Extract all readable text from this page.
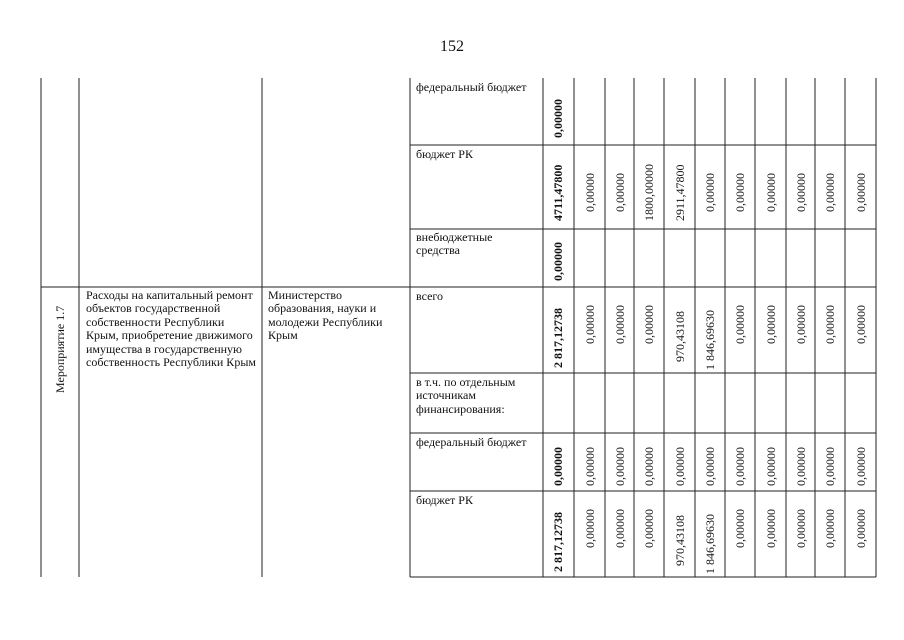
152
Мероприятие 1.7
Расходы на капитальный ремонт объектов государственной собственности Республики Крым, приобретение движимого имущества в государственную собственность Республики Крым
Министерство образования, науки и молодежи Республики Крым
федеральный бюджет
0,00000
бюджет РК
4711,47800 0,00000 0,00000 1800,00000 2911,47800 0,00000 0,00000 0,00000 0,00000 0,00000 0,00000
внебюджетные средства	0,00000
всего
2 817,12738 0,00000 0,00000 0,00000 970,43108 1 846,69630 0,00000 0,00000 0,00000 0,00000 0,00000
в т.ч. по отдельным источникам финансирования:
федеральный бюджет
0,00000 0,00000 0,00000 0,00000 0,00000 0,00000 0,00000 0,00000 0,00000 0,00000 0,00000
бюджет РК
2 817,12738 0,00000 0,00000 0,00000 970,43108 1 846,69630 0,00000 0,00000 0,00000 0,00000 0,00000
